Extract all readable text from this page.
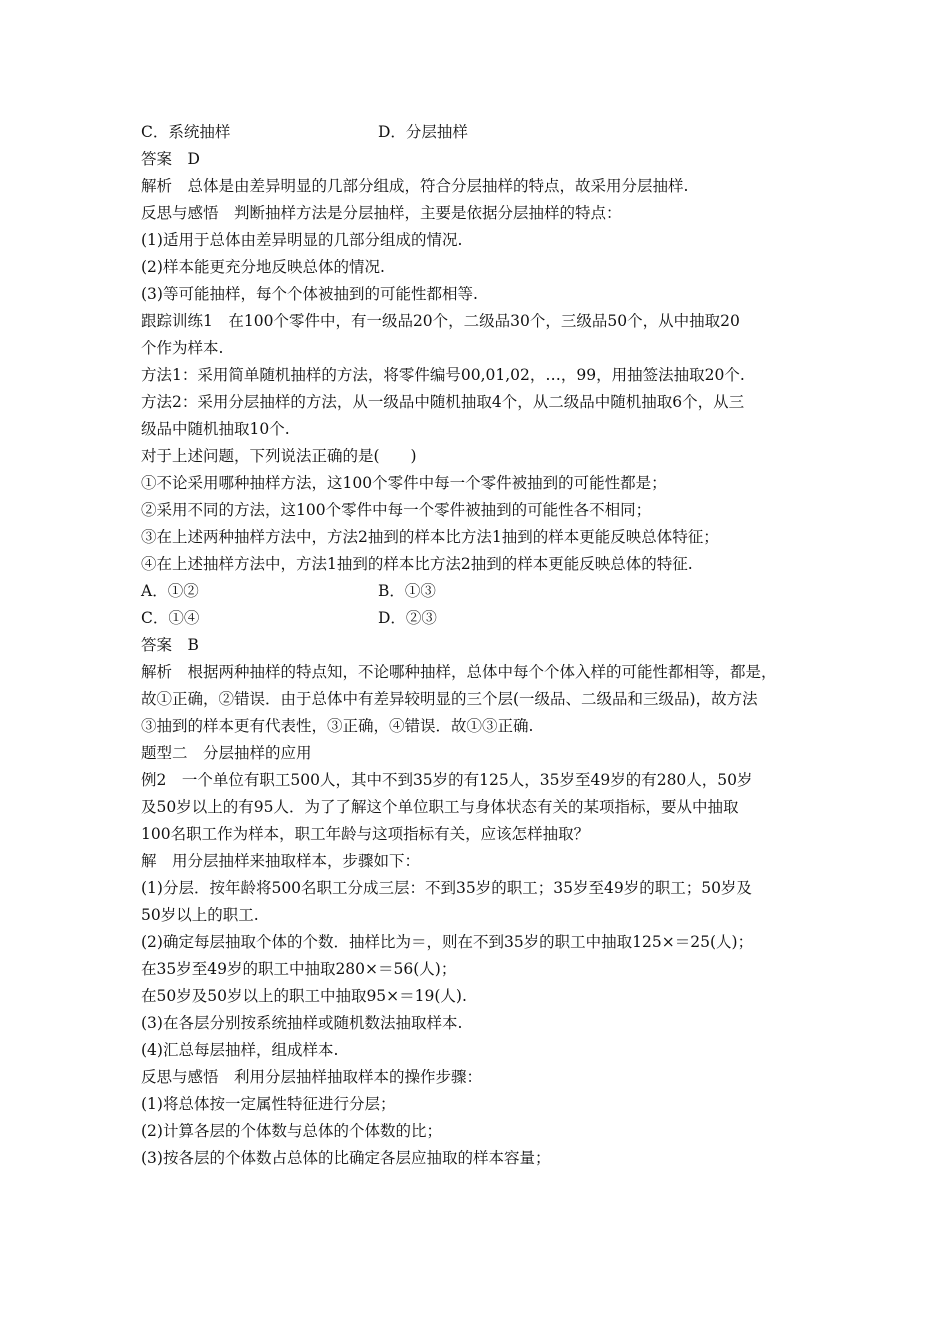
C．系统抽样	D．分层抽样
答案　D
解析　总体是由差异明显的几部分组成，符合分层抽样的特点，故采用分层抽样.
反思与感悟　判断抽样方法是分层抽样，主要是依据分层抽样的特点：
(1)适用于总体由差异明显的几部分组成的情况.
(2)样本能更充分地反映总体的情况.
(3)等可能抽样，每个个体被抽到的可能性都相等.
跟踪训练1　在100个零件中，有一级品20个，二级品30个，三级品50个，从中抽取20
个作为样本.
方法1：采用简单随机抽样的方法，将零件编号00,01,02，…，99，用抽签法抽取20个.
方法2：采用分层抽样的方法，从一级品中随机抽取4个，从二级品中随机抽取6个，从三
级品中随机抽取10个.
对于上述问题，下列说法正确的是(　　)
①不论采用哪种抽样方法，这100个零件中每一个零件被抽到的可能性都是；
②采用不同的方法，这100个零件中每一个零件被抽到的可能性各不相同；
③在上述两种抽样方法中，方法2抽到的样本比方法1抽到的样本更能反映总体特征；
④在上述抽样方法中，方法1抽到的样本比方法2抽到的样本更能反映总体的特征.
A．①②	B．①③
C．①④	D．②③
答案　B
解析　根据两种抽样的特点知，不论哪种抽样，总体中每个个体入样的可能性都相等，都是，
故①正确，②错误．由于总体中有差异较明显的三个层(一级品、二级品和三级品)，故方法
③抽到的样本更有代表性，③正确，④错误．故①③正确.
题型二　分层抽样的应用
例2　一个单位有职工500人，其中不到35岁的有125人，35岁至49岁的有280人，50岁
及50岁以上的有95人．为了了解这个单位职工与身体状态有关的某项指标，要从中抽取
100名职工作为样本，职工年龄与这项指标有关，应该怎样抽取？
解　用分层抽样来抽取样本，步骤如下：
(1)分层．按年龄将500名职工分成三层：不到35岁的职工；35岁至49岁的职工；50岁及
50岁以上的职工.
(2)确定每层抽取个体的个数．抽样比为＝，则在不到35岁的职工中抽取125×＝25(人)；
在35岁至49岁的职工中抽取280×＝56(人)；
在50岁及50岁以上的职工中抽取95×＝19(人).
(3)在各层分别按系统抽样或随机数法抽取样本.
(4)汇总每层抽样，组成样本.
反思与感悟　利用分层抽样抽取样本的操作步骤：
(1)将总体按一定属性特征进行分层；
(2)计算各层的个体数与总体的个体数的比；
(3)按各层的个体数占总体的比确定各层应抽取的样本容量；
